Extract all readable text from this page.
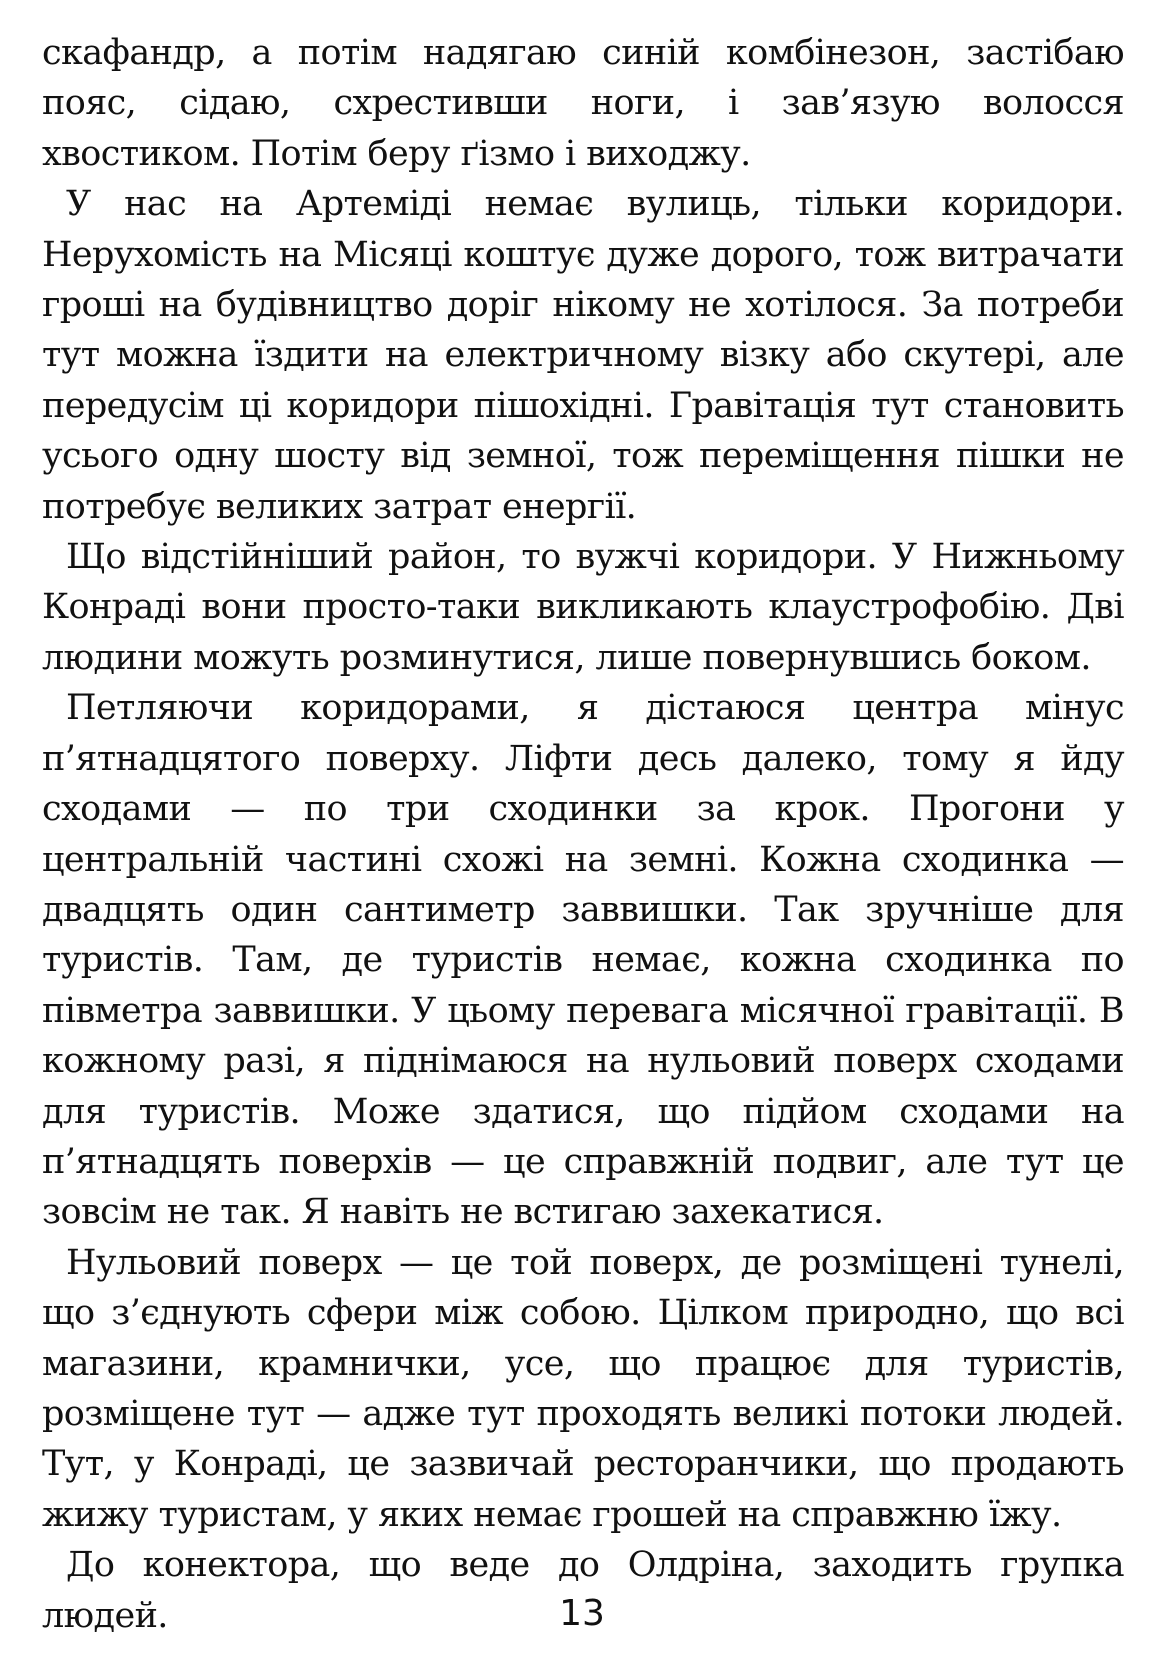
скафандр, а потім надягаю синій комбінезон, застібаю пояс, сідаю, схрестивши ноги, і зав’язую волосся хвостиком. Потім беру ґізмо і виходжу.

У нас на Артеміді немає вулиць, тільки коридори. Нерухомість на Місяці коштує дуже дорого, тож витрачати гроші на будівництво доріг нікому не хотілося. За потреби тут можна їздити на електричному візку або скутері, але передусім ці коридори пішохідні. Гравітація тут становить усього одну шосту від земної, тож переміщення пішки не потребує великих затрат енергії.

Що відстійніший район, то вужчі коридори. У Нижньому Конраді вони просто-таки викликають клаустрофобію. Дві людини можуть розминутися, лише повернувшись боком.

Петляючи коридорами, я дістаюся центра мінус п’ятнадцятого поверху. Ліфти десь далеко, тому я йду сходами — по три сходинки за крок. Прогони у центральній частині схожі на земні. Кожна сходинка — двадцять один сантиметр заввишки. Так зручніше для туристів. Там, де туристів немає, кожна сходинка по півметра заввишки. У цьому перевага місячної гравітації. В кожному разі, я піднімаюся на нульовий поверх сходами для туристів. Може здатися, що підйом сходами на п’ятнадцять поверхів — це справжній подвиг, але тут це зовсім не так. Я навіть не встигаю захекатися.

Нульовий поверх — це той поверх, де розміщені тунелі, що з’єднують сфери між собою. Цілком природно, що всі магазини, крамнички, усе, що працює для туристів, розміщене тут — адже тут проходять великі потоки людей. Тут, у Конраді, це зазвичай ресторанчики, що продають жижу туристам, у яких немає грошей на справжню їжу.

До конектора, що веде до Олдріна, заходить групка людей.	13
